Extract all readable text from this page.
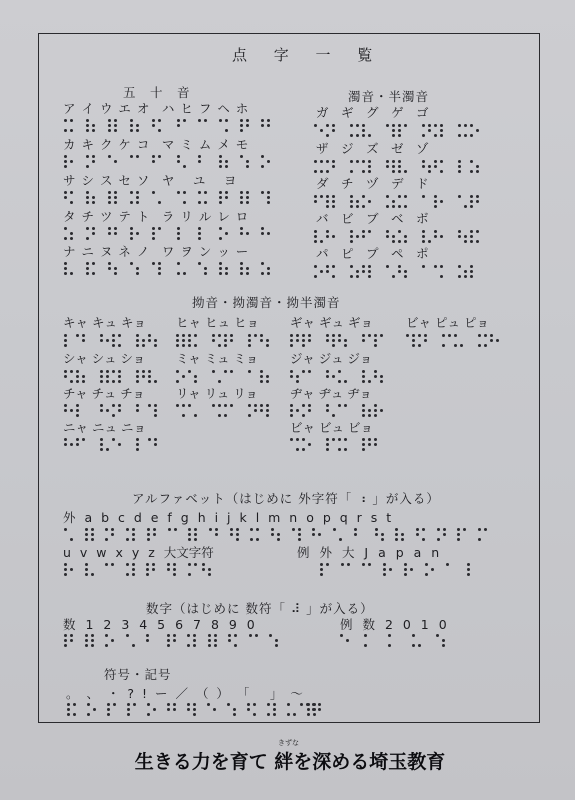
点 字 一 覧
五　十　音
ア イ ウ エ オ　ハ ヒ フ ヘ ホ
カ キ ク ケ コ　マ ミ ム メ モ
サ シ ス セ ソ　ヤ　 ユ　 ヨ
タ チ ツ テ ト　ラ リ ル レ ロ
ナ ニ ヌ ネ ノ　ワ ヲ ン ッ ー
濁音・半濁音
ガ　ギ　グ　ゲ　ゴ
ザ　ジ　ズ　ゼ　ゾ
ダ　チ　ヅ　デ　ド
バ　ビ　ブ　ベ　ボ
パ　ピ　プ　ペ　ポ
拗音・拗濁音・拗半濁音
キャ キュ キョ ヒャ ヒュ ヒョ ギャ ギュ ギョ	ビャ ピュ ピョ
シャ シュ ショ ミャ ミュ ミョ	ジャ ジュ ジョ
チャ チュ チョ リャ リュ リョ	ヂャ ヂュ ヂョ
ニャ ニュ ニョ	ビャ ビュ ビョ
アルファベット（はじめに 外字符「 ⠰ 」が入る）
外 a b c d e f g h i j k l m n o p q r s t
u v w x y z 大文字符	例 外 大 J a p a n
数字（はじめに 数符「 ⠼ 」が入る）
数 1 2 3 4 5 6 7 8 9 0	例 数 2 0 1 0
符号・記号
。 、 ・ ? ! ー ／ （ ） 「　 」 ～
きずな
生きる力を育て 絆を深める埼玉教育
